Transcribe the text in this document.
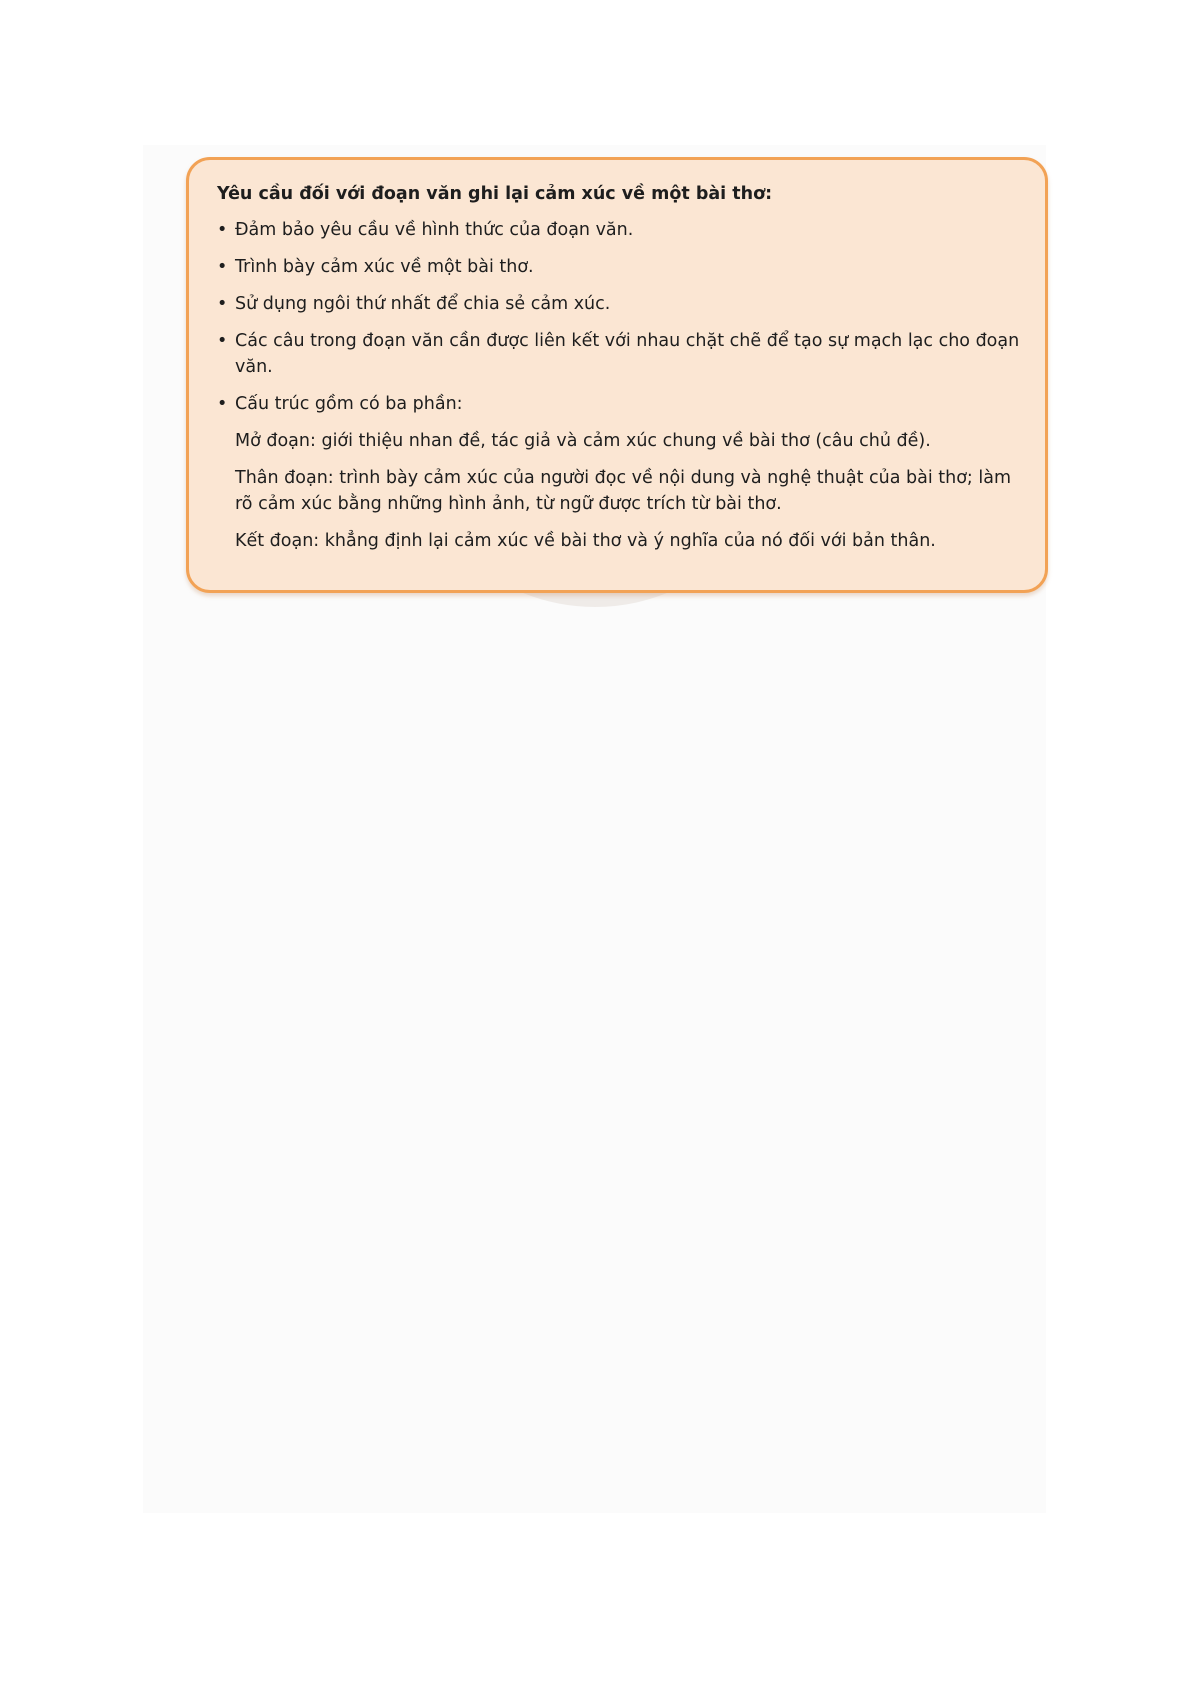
Yêu cầu đối với đoạn văn ghi lại cảm xúc về một bài thơ:
• Đảm bảo yêu cầu về hình thức của đoạn văn.
• Trình bày cảm xúc về một bài thơ.
• Sử dụng ngôi thứ nhất để chia sẻ cảm xúc.
• Các câu trong đoạn văn cần được liên kết với nhau chặt chẽ để tạo sự mạch lạc cho đoạn văn.
• Cấu trúc gồm có ba phần:
Mở đoạn: giới thiệu nhan đề, tác giả và cảm xúc chung về bài thơ (câu chủ đề).
Thân đoạn: trình bày cảm xúc của người đọc về nội dung và nghệ thuật của bài thơ; làm rõ cảm xúc bằng những hình ảnh, từ ngữ được trích từ bài thơ.
Kết đoạn: khẳng định lại cảm xúc về bài thơ và ý nghĩa của nó đối với bản thân.
